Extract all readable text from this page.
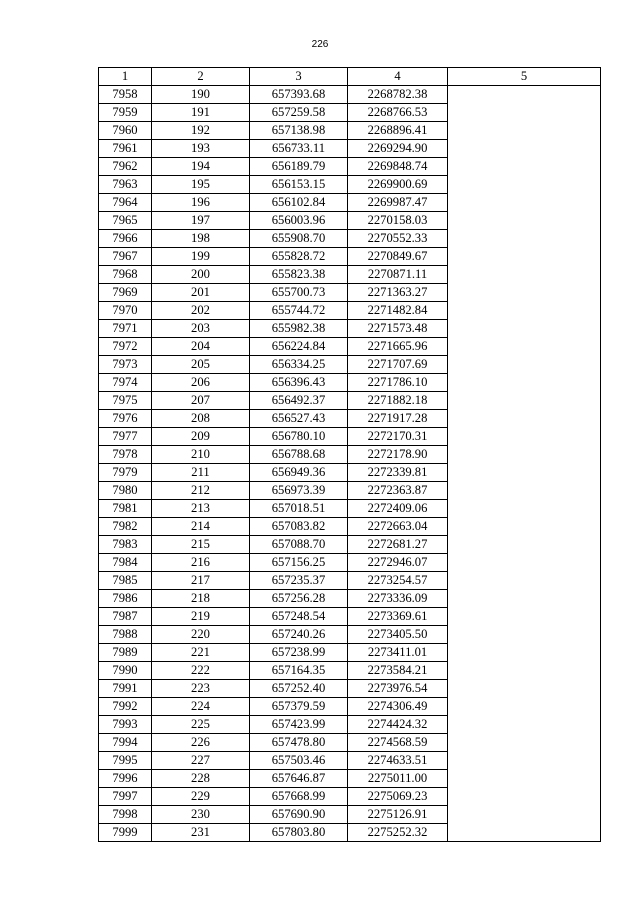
226
1	2	3	4	5
7958	190	657393.68	2268782.38	
7959	191	657259.58	2268766.53	
7960	192	657138.98	2268896.41	
7961	193	656733.11	2269294.90	
7962	194	656189.79	2269848.74	
7963	195	656153.15	2269900.69	
7964	196	656102.84	2269987.47	
7965	197	656003.96	2270158.03	
7966	198	655908.70	2270552.33	
7967	199	655828.72	2270849.67	
7968	200	655823.38	2270871.11	
7969	201	655700.73	2271363.27	
7970	202	655744.72	2271482.84	
7971	203	655982.38	2271573.48	
7972	204	656224.84	2271665.96	
7973	205	656334.25	2271707.69	
7974	206	656396.43	2271786.10	
7975	207	656492.37	2271882.18	
7976	208	656527.43	2271917.28	
7977	209	656780.10	2272170.31	
7978	210	656788.68	2272178.90	
7979	211	656949.36	2272339.81	
7980	212	656973.39	2272363.87	
7981	213	657018.51	2272409.06	
7982	214	657083.82	2272663.04	
7983	215	657088.70	2272681.27	
7984	216	657156.25	2272946.07	
7985	217	657235.37	2273254.57	
7986	218	657256.28	2273336.09	
7987	219	657248.54	2273369.61	
7988	220	657240.26	2273405.50	
7989	221	657238.99	2273411.01	
7990	222	657164.35	2273584.21	
7991	223	657252.40	2273976.54	
7992	224	657379.59	2274306.49	
7993	225	657423.99	2274424.32	
7994	226	657478.80	2274568.59	
7995	227	657503.46	2274633.51	
7996	228	657646.87	2275011.00	
7997	229	657668.99	2275069.23	
7998	230	657690.90	2275126.91	
7999	231	657803.80	2275252.32	
